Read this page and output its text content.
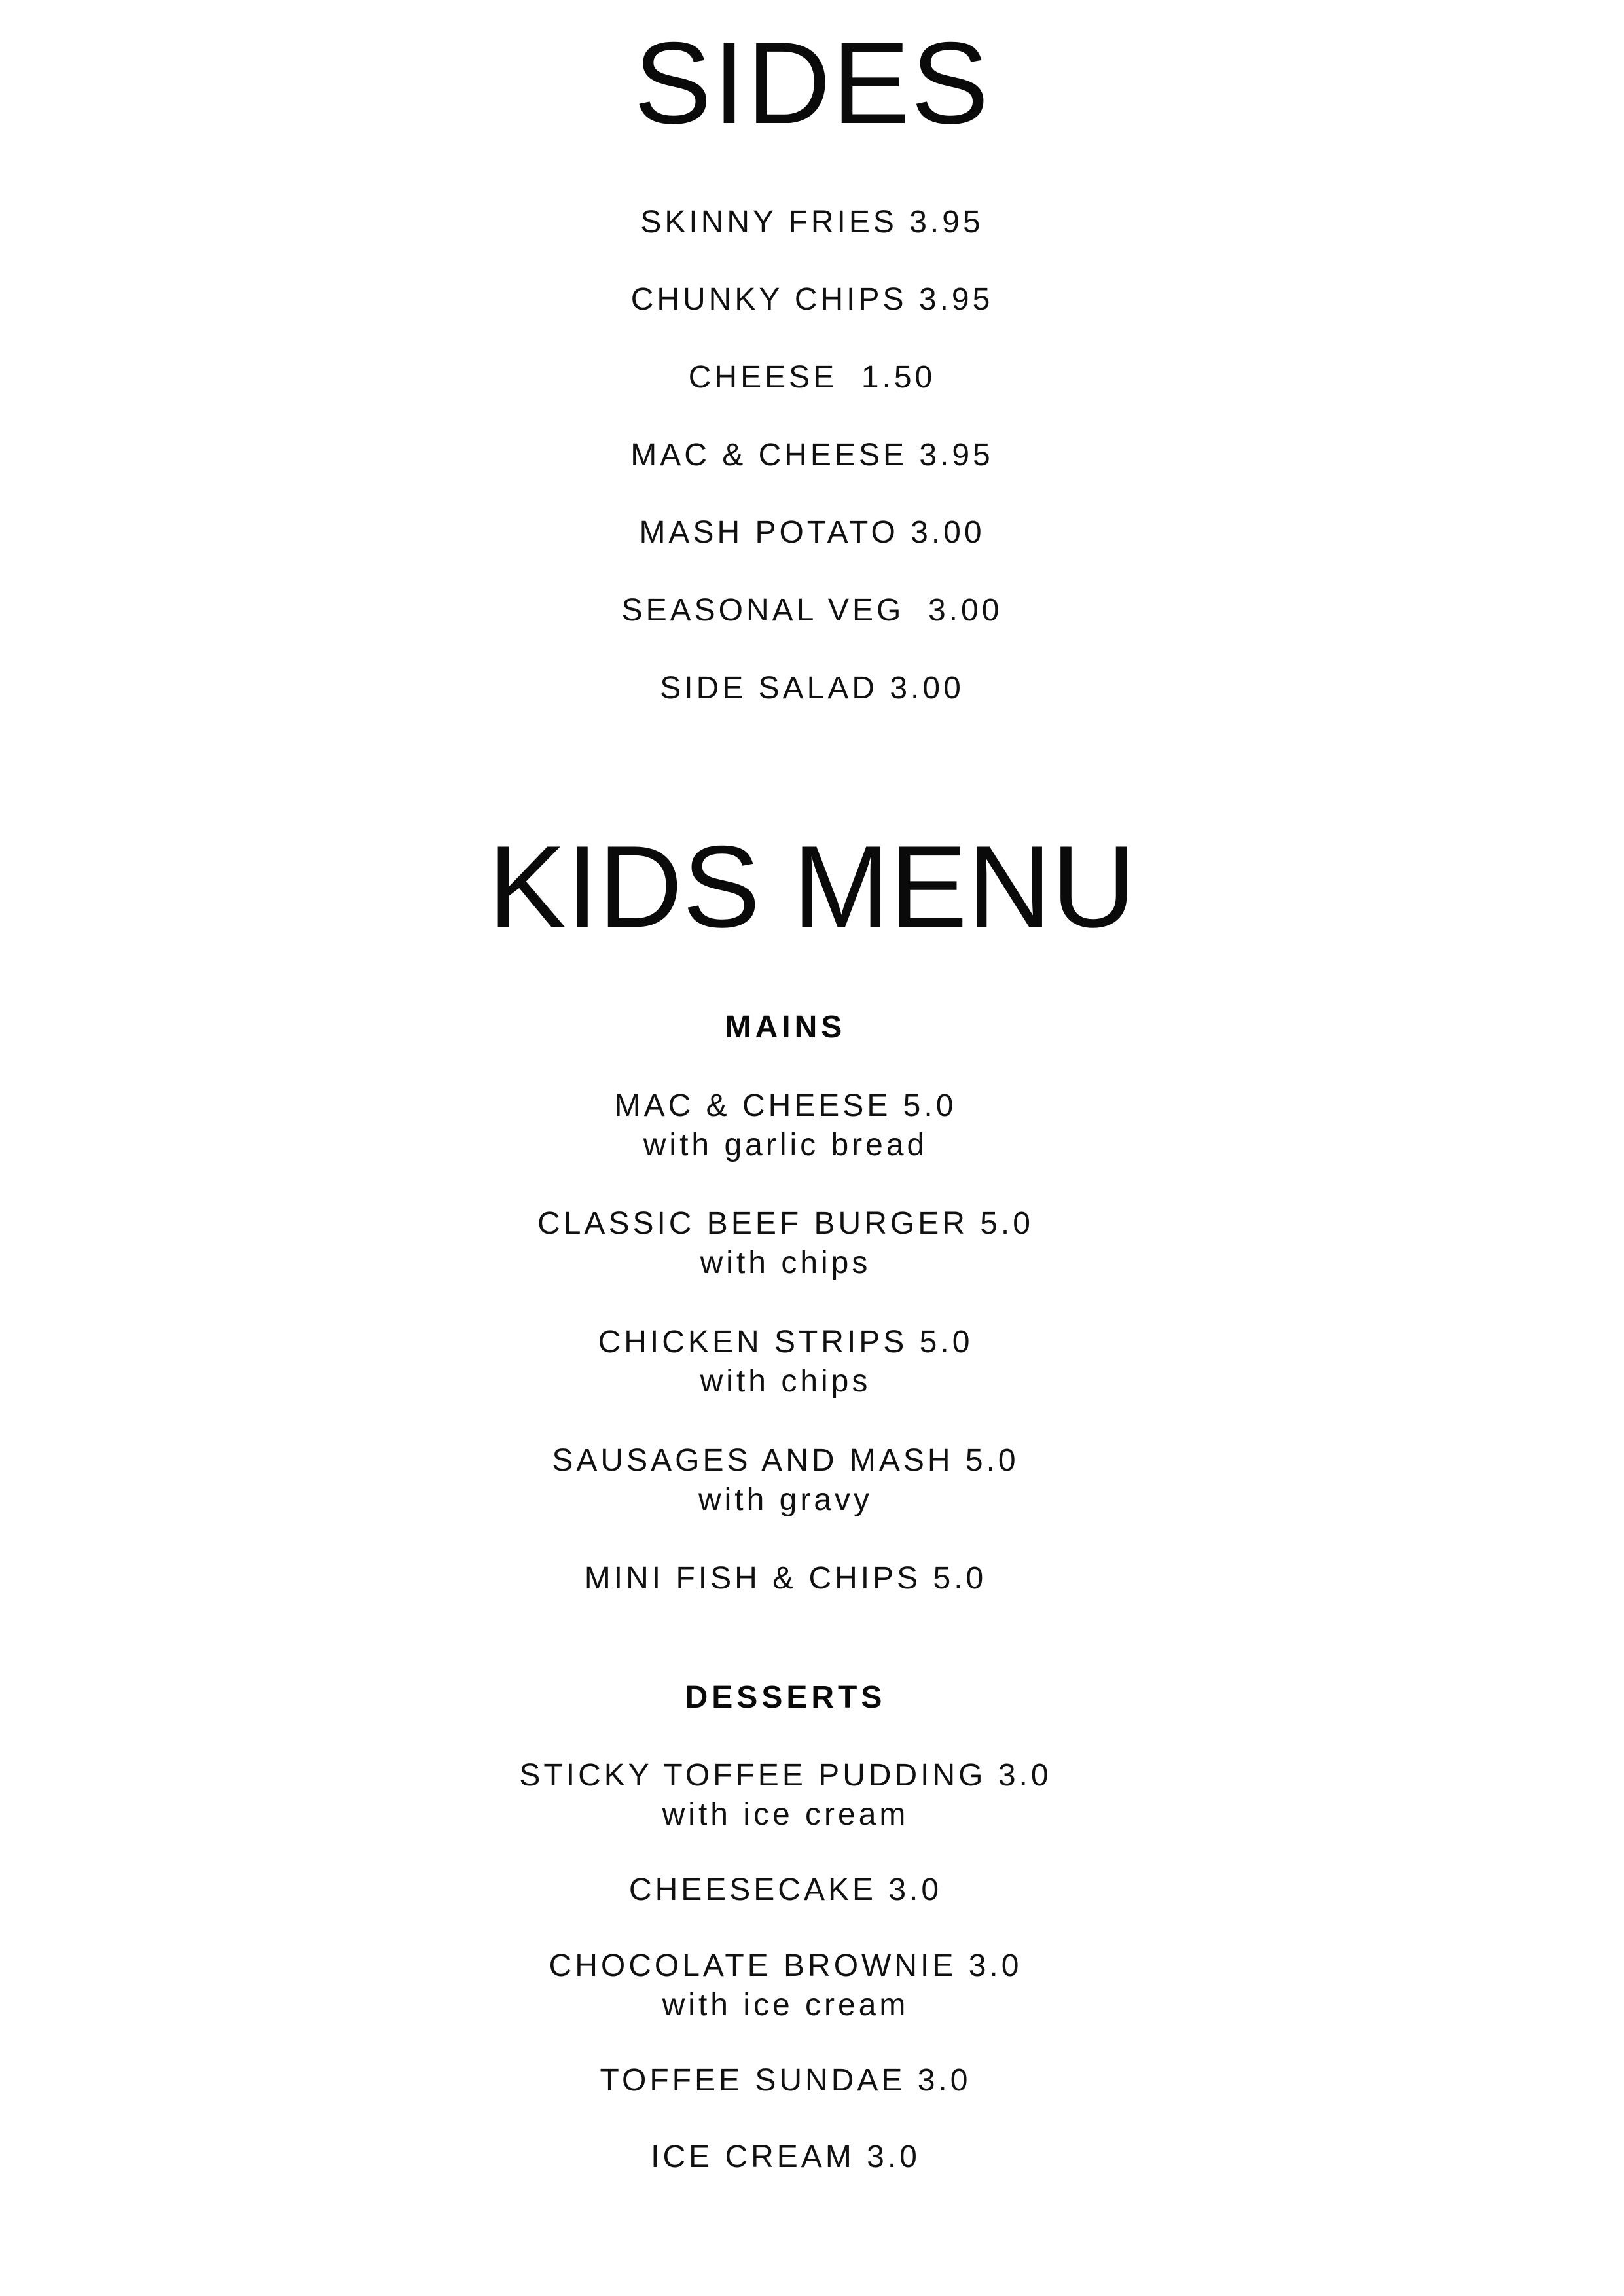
SIDES
SKINNY FRIES 3.95
CHUNKY CHIPS 3.95
CHEESE  1.50
MAC & CHEESE 3.95
MASH POTATO 3.00
SEASONAL VEG  3.00
SIDE SALAD 3.00
KIDS MENU
MAINS
MAC & CHEESE 5.0
with garlic bread
CLASSIC BEEF BURGER 5.0
with chips
CHICKEN STRIPS 5.0
with chips
SAUSAGES AND MASH 5.0
with gravy
MINI FISH & CHIPS 5.0
DESSERTS
STICKY TOFFEE PUDDING 3.0
with ice cream
CHEESECAKE 3.0
CHOCOLATE BROWNIE 3.0
with ice cream
TOFFEE SUNDAE 3.0
ICE CREAM 3.0
